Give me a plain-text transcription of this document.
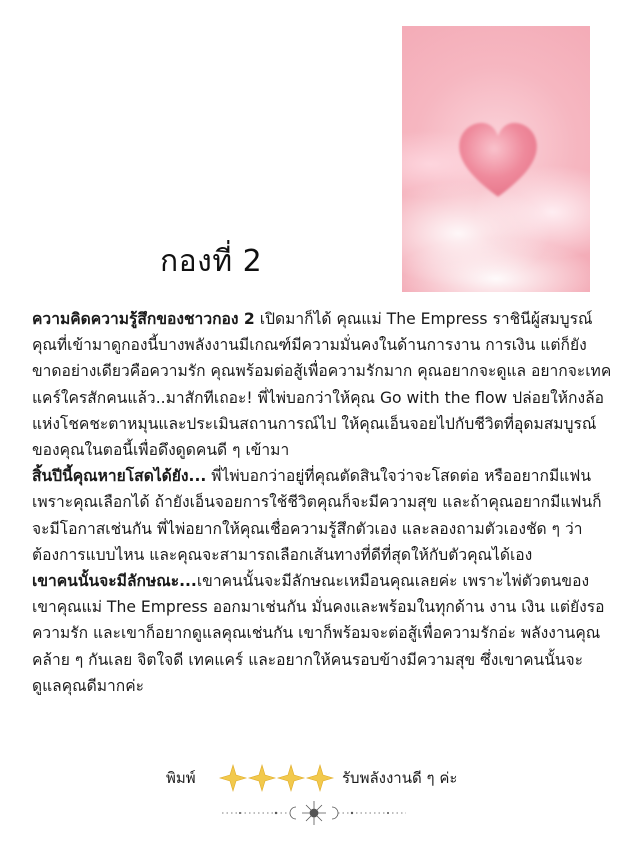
กองที่ 2

ความคิดความรู้สึกของชาวกอง 2 เปิดมาก็ได้ คุณแม่ The Empress ราชินีผู้สมบูรณ์ คุณที่เข้ามาดูกองนี้บางพลังงานมีเกณฑ์มีความมั่นคงในด้านการงาน การเงิน แต่ก็ยังขาดอย่างเดียวคือความรัก คุณพร้อมต่อสู้เพื่อความรักมาก คุณอยากจะดูแล อยากจะเทคแคร์ใครสักคนแล้ว..มาสักทีเถอะ! พี่ไพ่บอกว่าให้คุณ Go with the flow ปล่อยให้กงล้อแห่งโชคชะตาหมุนและประเมินสถานการณ์ไป ให้คุณเอ็นจอยไปกับชีวิตที่อุดมสมบูรณ์ของคุณในตอนี้เพื่อดึงดูดคนดี ๆ เข้ามา

สิ้นปีนี้คุณหายโสดได้ยัง... พี่ไพ่บอกว่าอยู่ที่คุณตัดสินใจว่าจะโสดต่อ หรืออยากมีแฟน เพราะคุณเลือกได้ ถ้ายังเอ็นจอยการใช้ชีวิตคุณก็จะมีความสุข และถ้าคุณอยากมีแฟนก็จะมีโอกาสเช่นกัน พี่ไพ่อยากให้คุณเชื่อความรู้สึกตัวเอง และลองถามตัวเองชัด ๆ ว่าต้องการแบบไหน และคุณจะสามารถเลือกเส้นทางที่ดีที่สุดให้กับตัวคุณได้เอง

เขาคนนั้นจะมีลักษณะ...เขาคนนั้นจะมีลักษณะเหมือนคุณเลยค่ะ เพราะไพ่ตัวตนของเขาคุณแม่ The Empress ออกมาเช่นกัน มั่นคงและพร้อมในทุกด้าน งาน เงิน แต่ยังรอความรัก และเขาก็อยากดูแลคุณเช่นกัน เขาก็พร้อมจะต่อสู้เพื่อความรักอ่ะ พลังงานคุณคล้าย ๆ กันเลย จิตใจดี เทคแคร์ และอยากให้คนรอบข้างมีความสุข ซึ่งเขาคนนั้นจะดูแลคุณดีมากค่ะ

พิมพ์	รับพลังงานดี ๆ ค่ะ
